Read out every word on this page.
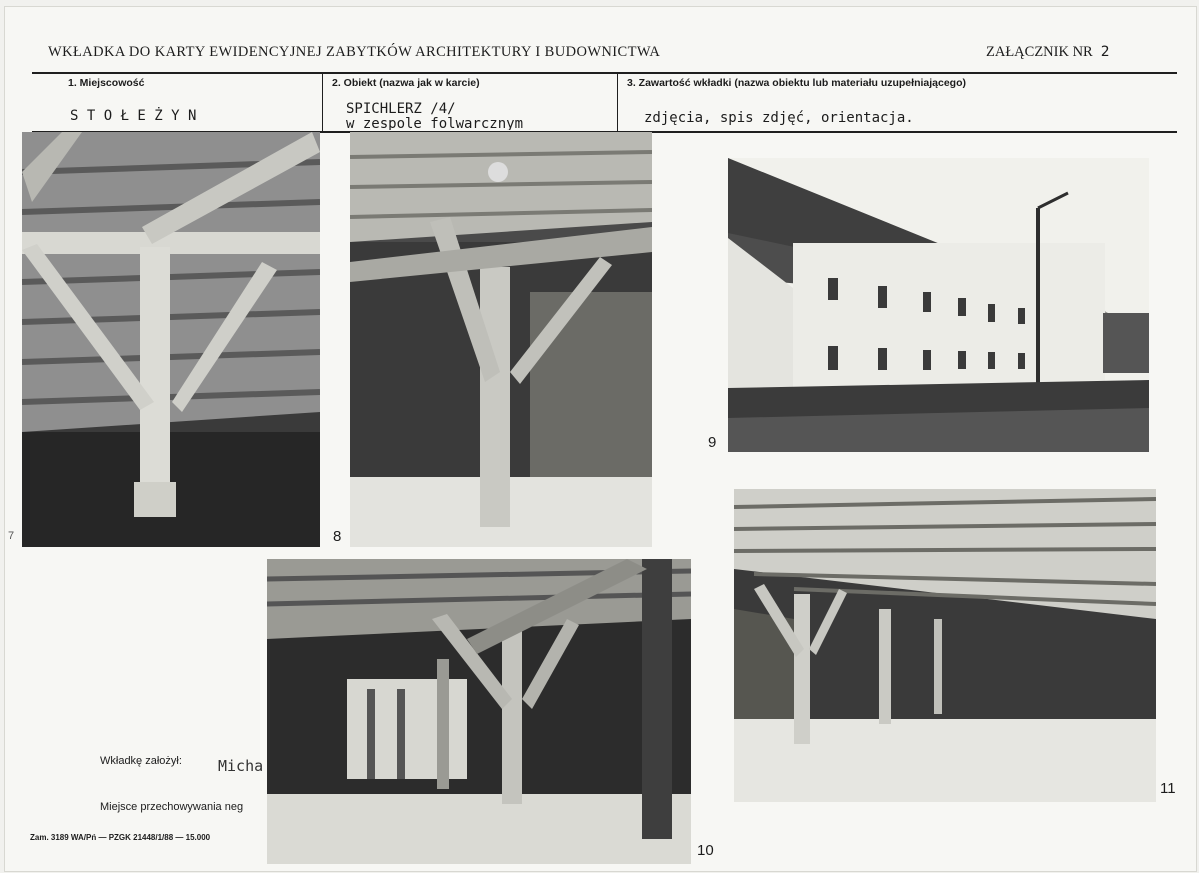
WKŁADKA DO KARTY EWIDENCYJNEJ ZABYTKÓW ARCHITEKTURY I BUDOWNICTWA	ZAŁĄCZNIK NR 2
1. Miejscowość
S T O Ł E Ż Y N
2. Obiekt (nazwa jak w karcie)
SPICHLERZ /4/
w zespole folwarcznym
3. Zawartość wkładki (nazwa obiektu lub materiału uzupełniającego)
zdjęcia, spis zdjęć, orientacja.
7	8
9
10
11
Wkładkę założył: Micha
Miejsce przechowywania neg
Zam. 3189 WA/Pń — PZGK 21448/1/88 — 15.000
